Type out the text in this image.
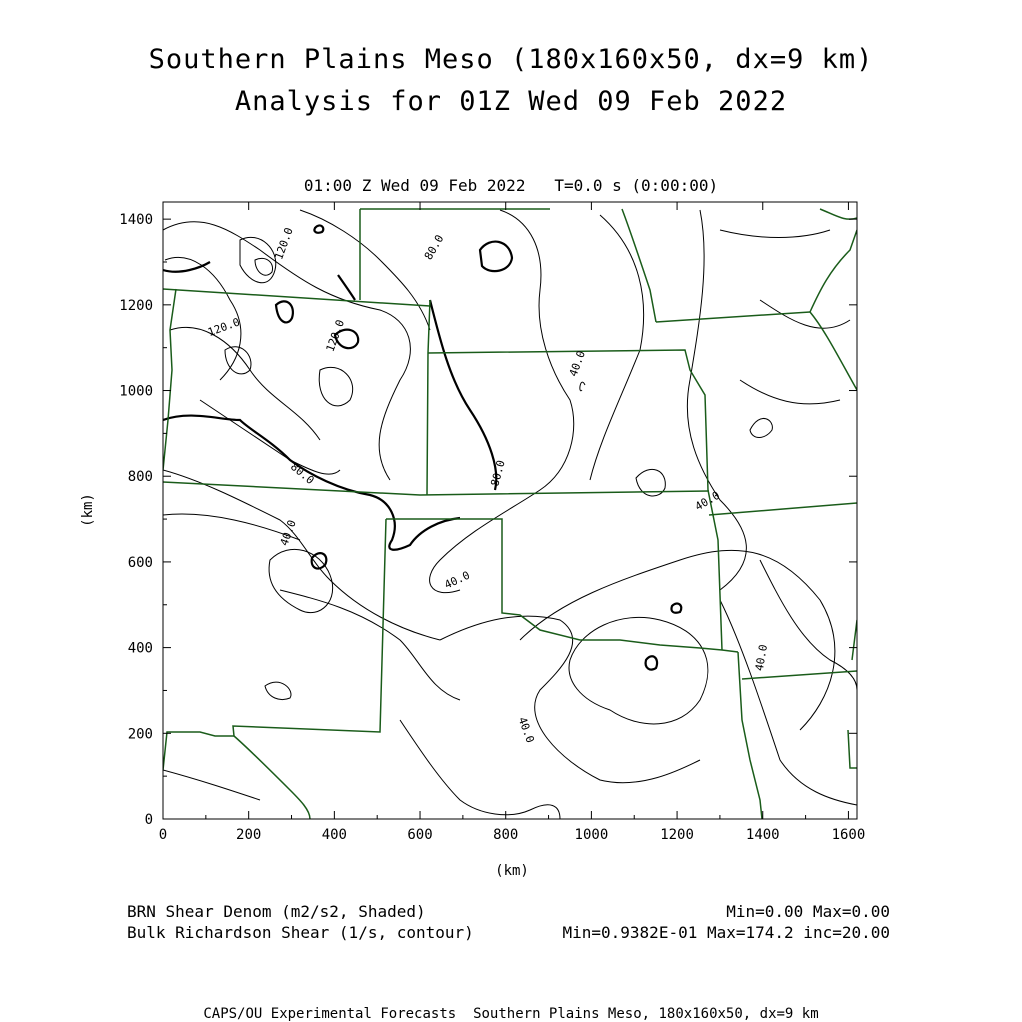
Southern Plains Meso (180x160x50, dx=9 km)
Analysis for 01Z Wed 09 Feb 2022
01:00 Z Wed 09 Feb 2022   T=0.0 s (0:00:00)
0	200	400	600	800	1000	1200	1400	1600
0
200
400
600
800
1000
1200
1400
120.0	80.0
120.0	120.0
40.0
80.0	80.0
40.0
40.0
40.0
40.0
40.0
(km)
(km)
BRN Shear Denom (m2/s2, Shaded)	Min=0.00 Max=0.00
Bulk Richardson Shear (1/s, contour)	Min=0.9382E-01 Max=174.2 inc=20.00
CAPS/OU Experimental Forecasts  Southern Plains Meso, 180x160x50, dx=9 km
